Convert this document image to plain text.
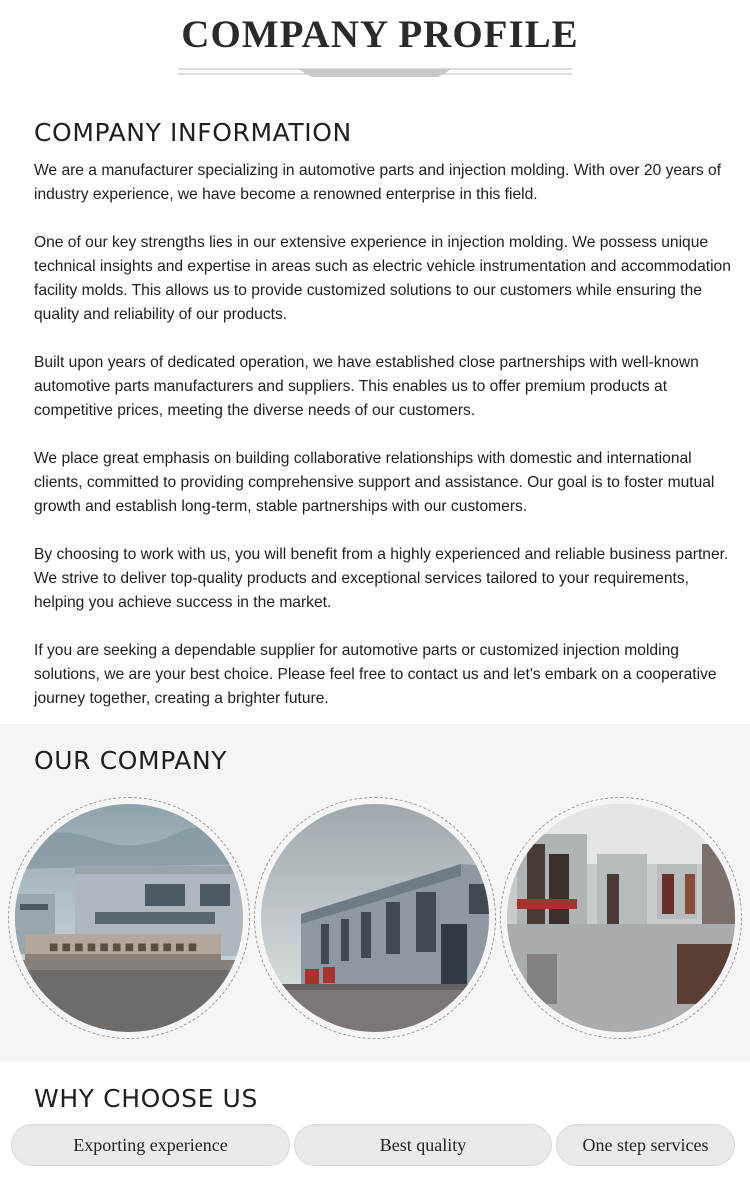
COMPANY PROFILE
COMPANY INFORMATION

We are a manufacturer specializing in automotive parts and injection molding. With over 20 years of industry experience, we have become a renowned enterprise in this field.

One of our key strengths lies in our extensive experience in injection molding. We possess unique technical insights and expertise in areas such as electric vehicle instrumentation and accommodation facility molds. This allows us to provide customized solutions to our customers while ensuring the quality and reliability of our products.

Built upon years of dedicated operation, we have established close partnerships with well-known automotive parts manufacturers and suppliers. This enables us to offer premium products at competitive prices, meeting the diverse needs of our customers.

We place great emphasis on building collaborative relationships with domestic and international clients, committed to providing comprehensive support and assistance. Our goal is to foster mutual growth and establish long-term, stable partnerships with our customers.

By choosing to work with us, you will benefit from a highly experienced and reliable business partner. We strive to deliver top-quality products and exceptional services tailored to your requirements, helping you achieve success in the market.

If you are seeking a dependable supplier for automotive parts or customized injection molding solutions, we are your best choice. Please feel free to contact us and let's embark on a cooperative journey together, creating a brighter future.

OUR COMPANY
■ ■ ■ ■ ■ ■ ■ ■ ■ ■ ■ ■
WHY CHOOSE US
Exporting experience	Best quality	One step services
